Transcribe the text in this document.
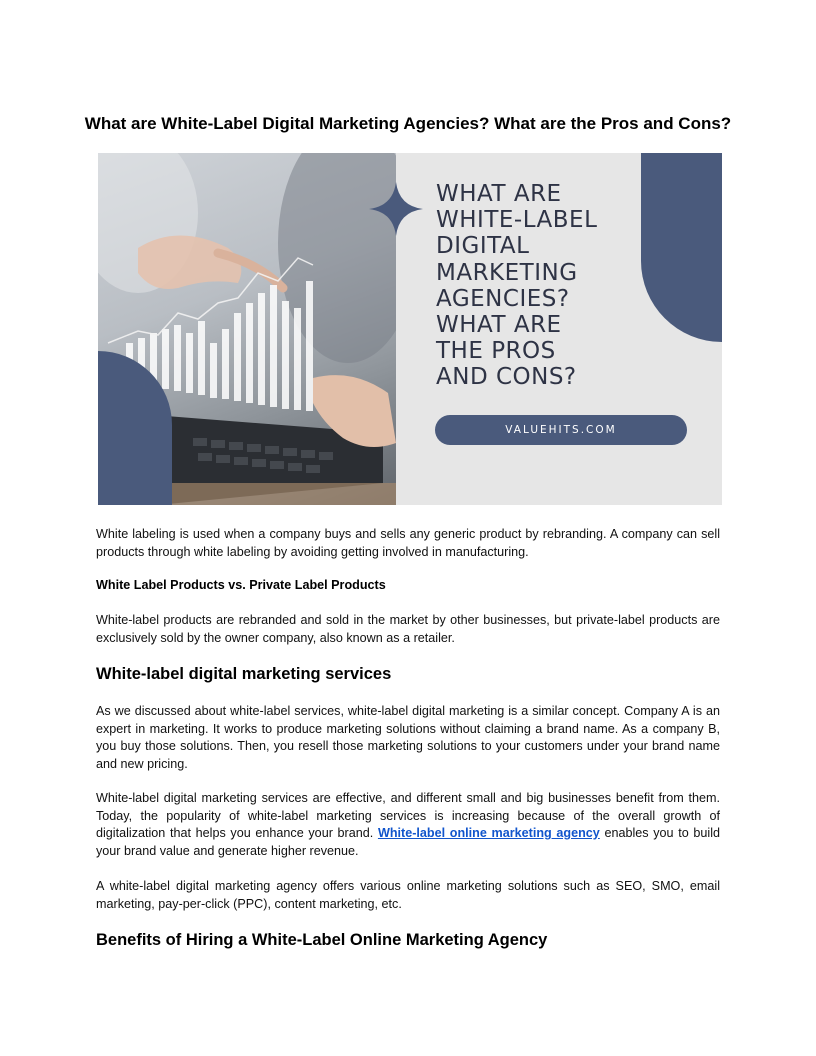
What are White-Label Digital Marketing Agencies? What are the Pros and Cons?
WHAT ARE
WHITE-LABEL
DIGITAL
MARKETING
AGENCIES?
WHAT ARE
THE PROS
AND CONS?
VALUEHITS.COM

White labeling is used when a company buys and sells any generic product by rebranding. A company can sell products through white labeling by avoiding getting involved in manufacturing.

White Label Products vs. Private Label Products

White-label products are rebranded and sold in the market by other businesses, but private-label products are exclusively sold by the owner company, also known as a retailer.

White-label digital marketing services

As we discussed about white-label services, white-label digital marketing is a similar concept. Company A is an expert in marketing. It works to produce marketing solutions without claiming a brand name. As a company B, you buy those solutions. Then, you resell those marketing solutions to your customers under your brand name and new pricing.

White-label digital marketing services are effective, and different small and big businesses benefit from them. Today, the popularity of white-label marketing services is increasing because of the overall growth of digitalization that helps you enhance your brand. White-label online marketing agency enables you to build your brand value and generate higher revenue.

A white-label digital marketing agency offers various online marketing solutions such as SEO, SMO, email marketing, pay-per-click (PPC), content marketing, etc.

Benefits of Hiring a White-Label Online Marketing Agency
